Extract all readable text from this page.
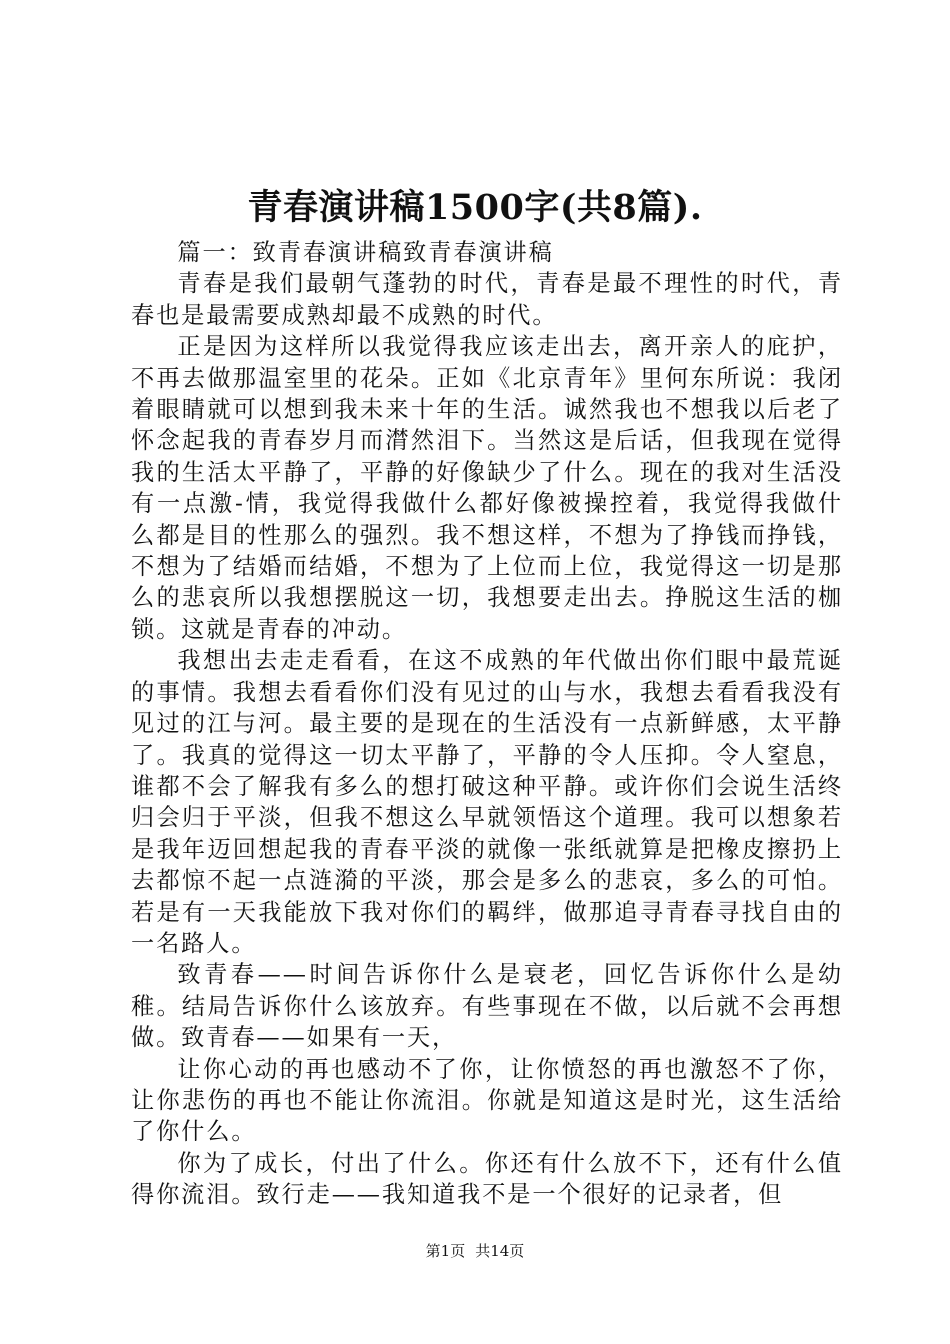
青春演讲稿1500字(共8篇).

篇一：致青春演讲稿致青春演讲稿

青春是我们最朝气蓬勃的时代，青春是最不理性的时代，青春也是最需要成熟却最不成熟的时代。

正是因为这样所以我觉得我应该走出去，离开亲人的庇护，不再去做那温室里的花朵。正如《北京青年》里何东所说：我闭着眼睛就可以想到我未来十年的生活。诚然我也不想我以后老了怀念起我的青春岁月而潸然泪下。当然这是后话，但我现在觉得我的生活太平静了，平静的好像缺少了什么。现在的我对生活没有一点激-情，我觉得我做什么都好像被操控着，我觉得我做什么都是目的性那么的强烈。我不想这样，不想为了挣钱而挣钱，不想为了结婚而结婚，不想为了上位而上位，我觉得这一切是那么的悲哀所以我想摆脱这一切，我想要走出去。挣脱这生活的枷锁。这就是青春的冲动。

我想出去走走看看，在这不成熟的年代做出你们眼中最荒诞的事情。我想去看看你们没有见过的山与水，我想去看看我没有见过的江与河。最主要的是现在的生活没有一点新鲜感，太平静了。我真的觉得这一切太平静了，平静的令人压抑。令人窒息，谁都不会了解我有多么的想打破这种平静。或许你们会说生活终归会归于平淡，但我不想这么早就领悟这个道理。我可以想象若是我年迈回想起我的青春平淡的就像一张纸就算是把橡皮擦扔上去都惊不起一点涟漪的平淡，那会是多么的悲哀，多么的可怕。若是有一天我能放下我对你们的羁绊，做那追寻青春寻找自由的一名路人。

致青春——时间告诉你什么是衰老，回忆告诉你什么是幼稚。结局告诉你什么该放弃。有些事现在不做，以后就不会再想做。致青春——如果有一天，

让你心动的再也感动不了你，让你愤怒的再也激怒不了你，让你悲伤的再也不能让你流泪。你就是知道这是时光，这生活给了你什么。

你为了成长，付出了什么。你还有什么放不下，还有什么值得你流泪。致行走——我知道我不是一个很好的记录者，但

第1页 共14页
